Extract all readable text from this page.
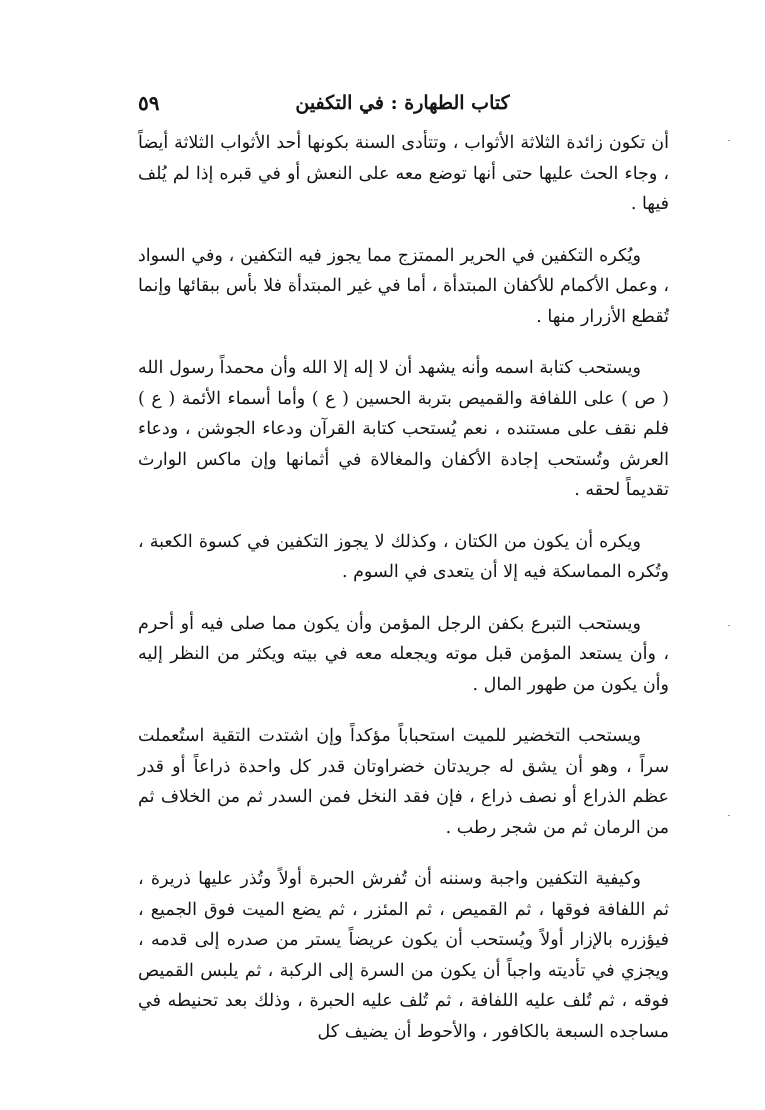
كتاب الطهارة : في التكفين
٥٩

أن تكون زائدة الثلاثة الأثواب ، وتتأدى السنة بكونها أحد الأثواب الثلاثة أيضاً ، وجاء الحث عليها حتى أنها توضع معه على النعش أو في قبره إذا لم يُلف فيها .

ويُكره التكفين في الحرير الممتزج مما يجوز فيه التكفين ، وفي السواد ، وعمل الأكمام للأكفان المبتدأة ، أما في غير المبتدأة فلا بأس ببقائها وإنما تُقطع الأزرار منها .

ويستحب كتابة اسمه وأنه يشهد أن لا إله إلا الله وأن محمداً رسول الله ( ص ) على اللفافة والقميص بتربة الحسين ( ع ) وأما أسماء الأئمة ( ع ) فلم نقف على مستنده ، نعم يُستحب كتابة القرآن ودعاء الجوشن ، ودعاء العرش وتُستحب إجادة الأكفان والمغالاة في أثمانها وإن ماكس الوارث تقديماً لحقه .

ويكره أن يكون من الكتان ، وكذلك لا يجوز التكفين في كسوة الكعبة ، وتُكره المماسكة فيه إلا أن يتعدى في السوم .

ويستحب التبرع بكفن الرجل المؤمن وأن يكون مما صلى فيه أو أحرم ، وأن يستعد المؤمن قبل موته ويجعله معه في بيته ويكثر من النظر إليه وأن يكون من طهور المال .

ويستحب التخضير للميت استحباباً مؤكداً وإن اشتدت التقية استُعملت سراً ، وهو أن يشق له جريدتان خضراوتان قدر كل واحدة ذراعاً أو قدر عظم الذراع أو نصف ذراع ، فإن فقد النخل فمن السدر ثم من الخلاف ثم من الرمان ثم من شجر رطب .

وكيفية التكفين واجبة وسننه أن تُفرش الحبرة أولاً وتُذر عليها ذريرة ، ثم اللفافة فوقها ، ثم القميص ، ثم المئزر ، ثم يضع الميت فوق الجميع ، فيؤزره بالإزار أولاً ويُستحب أن يكون عريضاً يستر من صدره إلى قدمه ، ويجزي في تأديته واجباً أن يكون من السرة إلى الركبة ، ثم يلبس القميص فوقه ، ثم تُلف عليه اللفافة ، ثم تُلف عليه الحبرة ، وذلك بعد تحنيطه في مساجده السبعة بالكافور ، والأحوط أن يضيف كل
